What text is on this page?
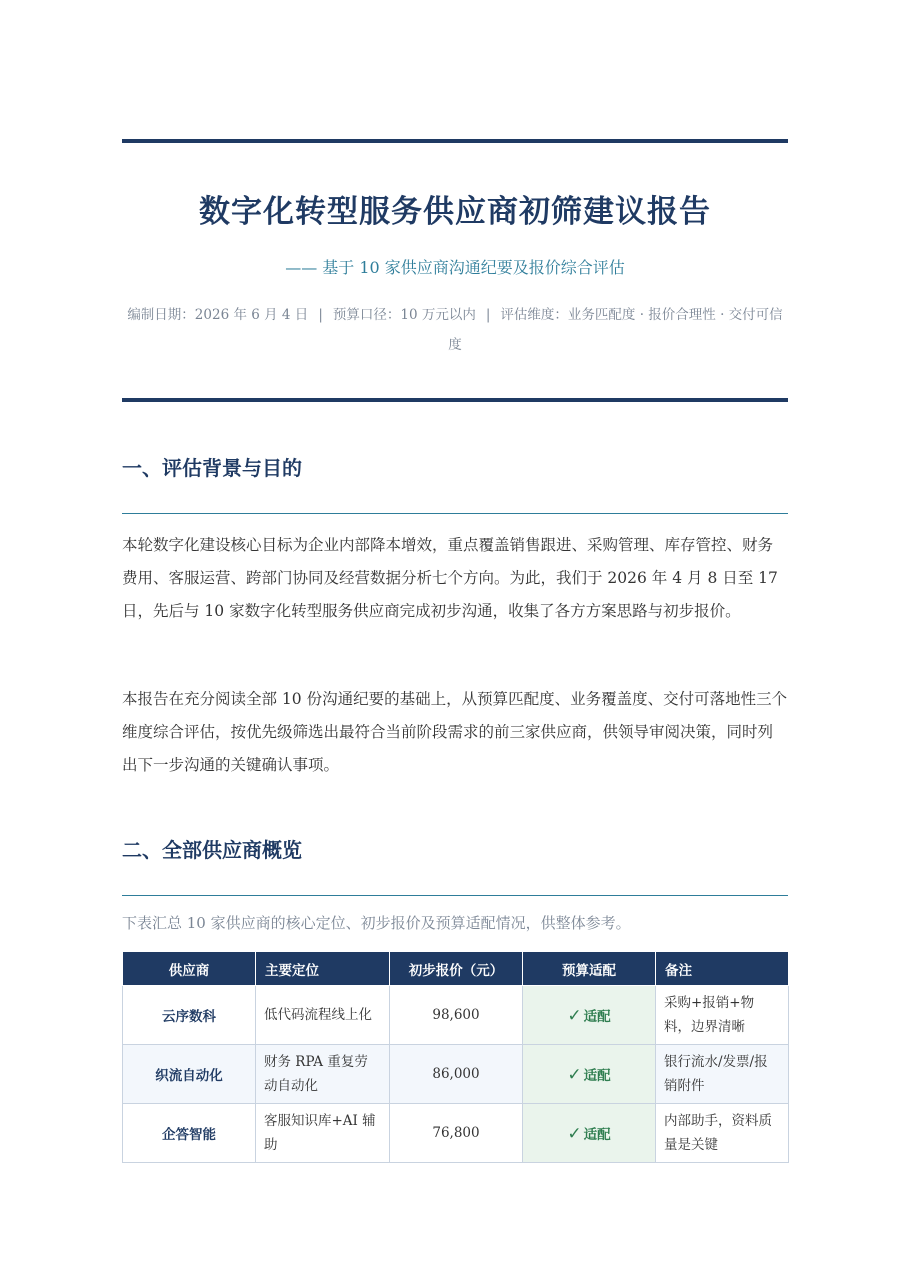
数字化转型服务供应商初筛建议报告
—— 基于 10 家供应商沟通纪要及报价综合评估
编制日期：2026 年 6 月 4 日 | 预算口径：10 万元以内 | 评估维度：业务匹配度 · 报价合理性 · 交付可信度
一、评估背景与目的

本轮数字化建设核心目标为企业内部降本增效，重点覆盖销售跟进、采购管理、库存管控、财务费用、客服运营、跨部门协同及经营数据分析七个方向。为此，我们于 2026 年 4 月 8 日至 17 日，先后与 10 家数字化转型服务供应商完成初步沟通，收集了各方方案思路与初步报价。

本报告在充分阅读全部 10 份沟通纪要的基础上，从预算匹配度、业务覆盖度、交付可落地性三个维度综合评估，按优先级筛选出最符合当前阶段需求的前三家供应商，供领导审阅决策，同时列出下一步沟通的关键确认事项。

二、全部供应商概览

下表汇总 10 家供应商的核心定位、初步报价及预算适配情况，供整体参考。

供应商	主要定位	初步报价（元）	预算适配	备注
云序数科	低代码流程线上化	98,600	✓ 适配	采购+报销+物料，边界清晰
织流自动化	财务 RPA 重复劳动自动化	86,000	✓ 适配	银行流水/发票/报销附件
企答智能	客服知识库+AI 辅助	76,800	✓ 适配	内部助手，资料质量是关键
